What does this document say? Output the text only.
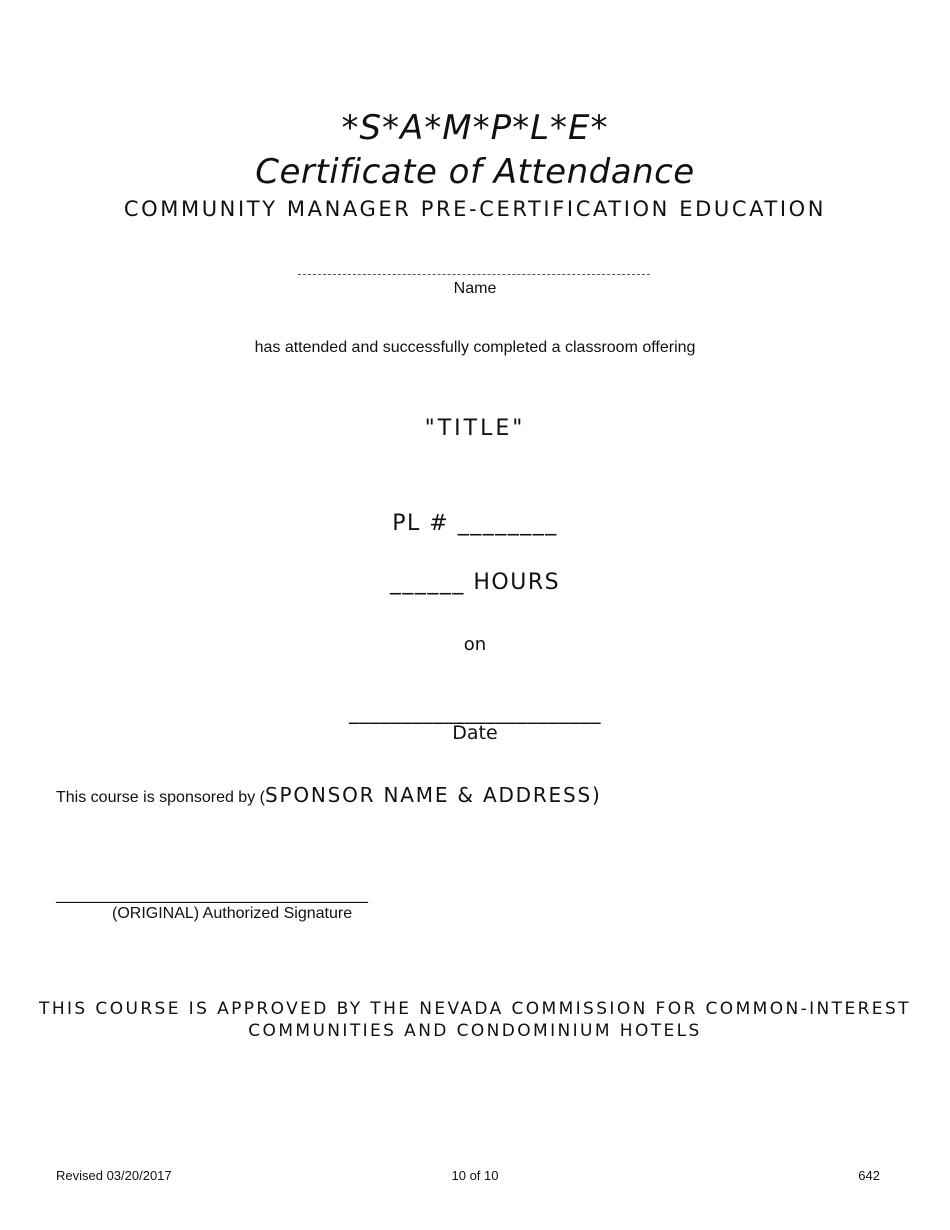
*S*A*M*P*L*E*
Certificate of Attendance
COMMUNITY MANAGER PRE-CERTIFICATION EDUCATION
Name
has attended and successfully completed a classroom offering
"TITLE"
PL # ________
______ HOURS
on
________________________
Date
This course is sponsored by (SPONSOR NAME & ADDRESS)
_______________________________________
(ORIGINAL) Authorized Signature
THIS COURSE IS APPROVED BY THE NEVADA COMMISSION FOR COMMON-INTEREST
COMMUNITIES AND CONDOMINIUM HOTELS
Revised 03/20/2017	10 of 10	642
